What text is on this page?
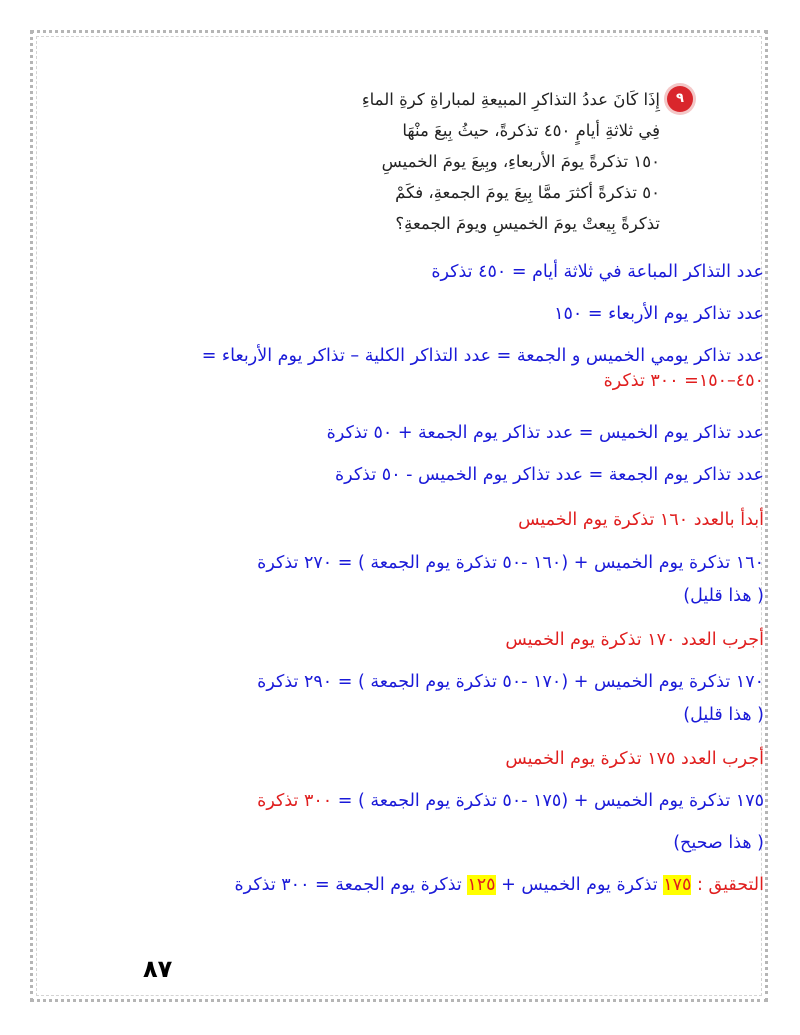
٩
إِذَا كَانَ عددُ التذاكرِ المبيعةِ لمباراةِ كرةِ الماءِ
فِي ثلاثةِ أيامٍ ٤٥٠ تذكرةً، حيثُ بِيعَ منْهَا
١٥٠ تذكرةً يومَ الأربعاءِ، وبِيعَ يومَ الخميسِ
٥٠ تذكرةً أكثرَ ممَّا بِيعَ يومَ الجمعةِ، فكَمْ
تذكرةً بِيعتْ يومَ الخميسِ ويومَ الجمعةِ؟
عدد التذاكر المباعة في ثلاثة أيام = ٤٥٠ تذكرة
عدد تذاكر يوم الأربعاء = ١٥٠
عدد تذاكر يومي الخميس و الجمعة = عدد التذاكر الكلية – تذاكر يوم الأربعاء =
٤٥٠–١٥٠= ٣٠٠ تذكرة
عدد تذاكر يوم الخميس = عدد تذاكر يوم الجمعة + ٥٠ تذكرة
عدد تذاكر يوم الجمعة = عدد تذاكر يوم الخميس - ٥٠ تذكرة
أبدأ بالعدد ١٦٠ تذكرة يوم الخميس
١٦٠ تذكرة يوم الخميس + (١٦٠ -٥٠ تذكرة يوم الجمعة ) = ٢٧٠ تذكرة
( هذا قليل)
أجرب العدد ١٧٠ تذكرة يوم الخميس
١٧٠ تذكرة يوم الخميس + (١٧٠ -٥٠ تذكرة يوم الجمعة ) = ٢٩٠ تذكرة
( هذا قليل)
أجرب العدد ١٧٥ تذكرة يوم الخميس
١٧٥ تذكرة يوم الخميس + (١٧٥ -٥٠ تذكرة يوم الجمعة ) = ٣٠٠ تذكرة
( هذا صحيح)
التحقيق : ١٧٥ تذكرة يوم الخميس + ١٢٥ تذكرة يوم الجمعة = ٣٠٠ تذكرة
٨٧
